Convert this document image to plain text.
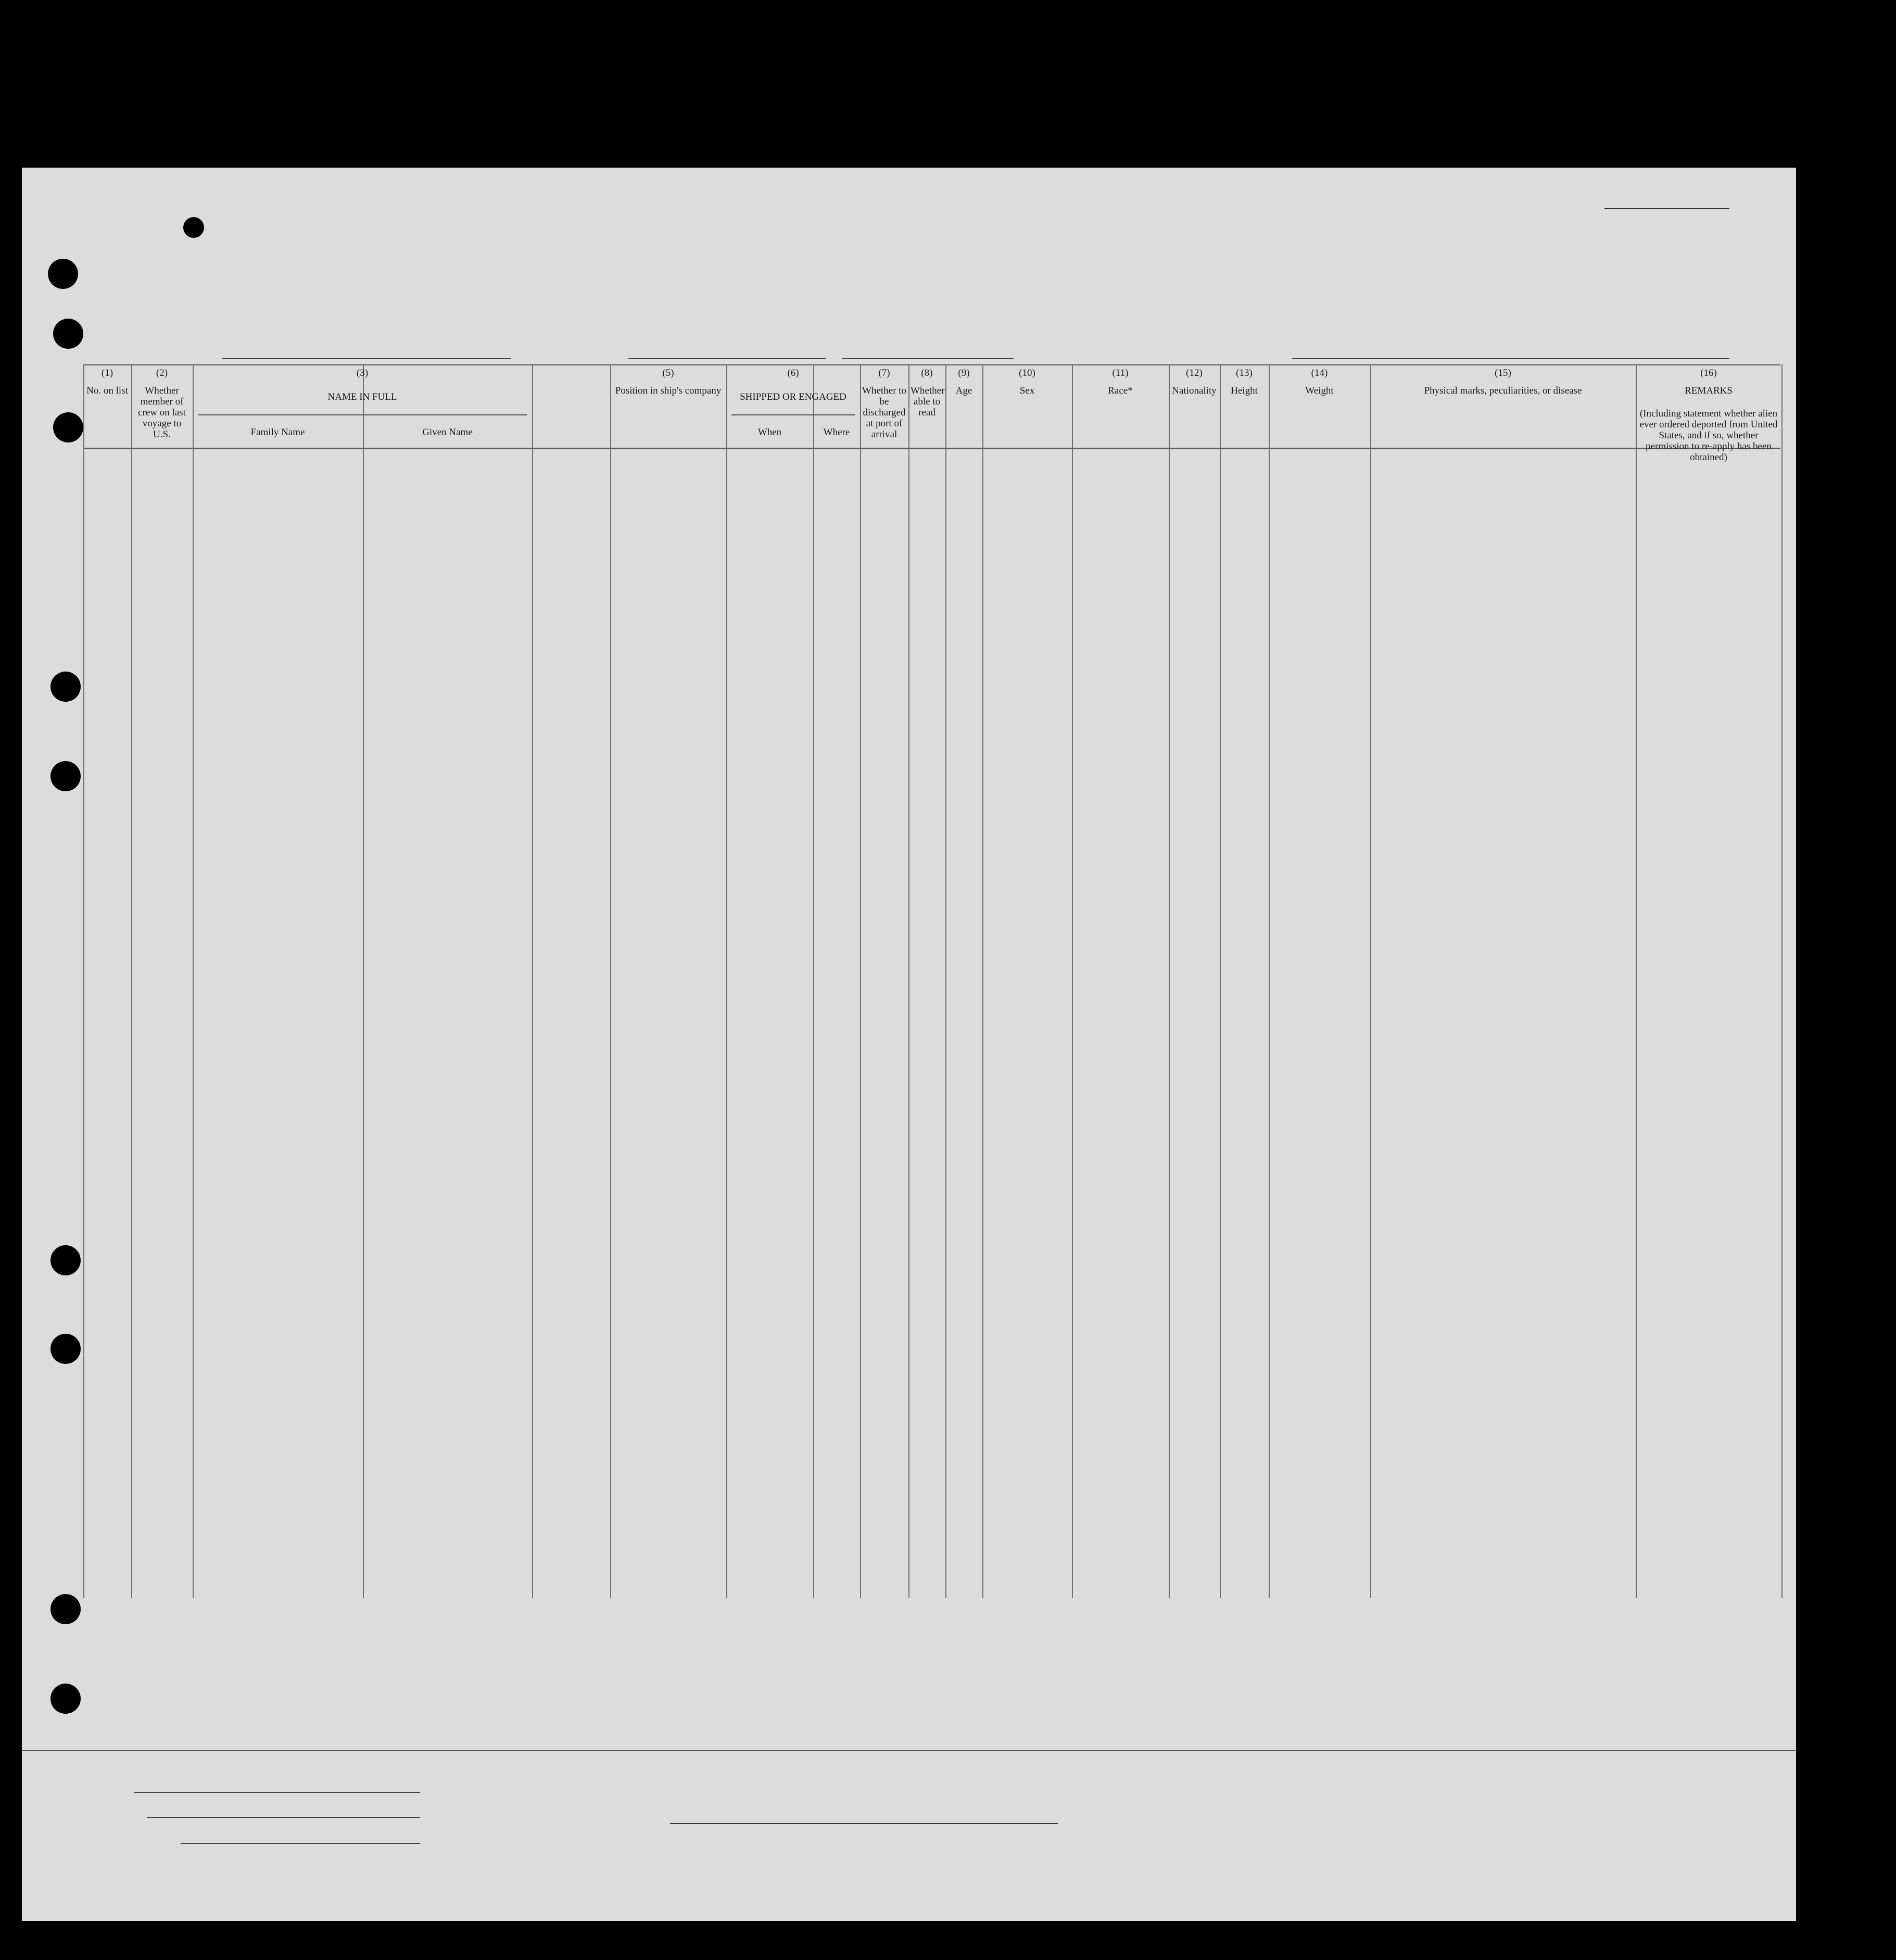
(1)
No. on list
(2)
Whether member of crew on last voyage to U.S.
(3)
NAME IN FULL
Family Name	Given Name
(5)
Position in ship's company
(6)
SHIPPED OR ENGAGED
When	Where
(7)
Whether to be discharged at port of arrival
(8)
Whether able to read
(9)
Age
(10)
Sex
(11)
Race*
(12)
Nationality
(13)
Height
(14)
Weight
(15)
Physical marks, peculiarities, or disease
(16)
REMARKS
(Including statement whether alien ever ordered deported from United States, and if so, whether permission to re-apply has been obtained)
